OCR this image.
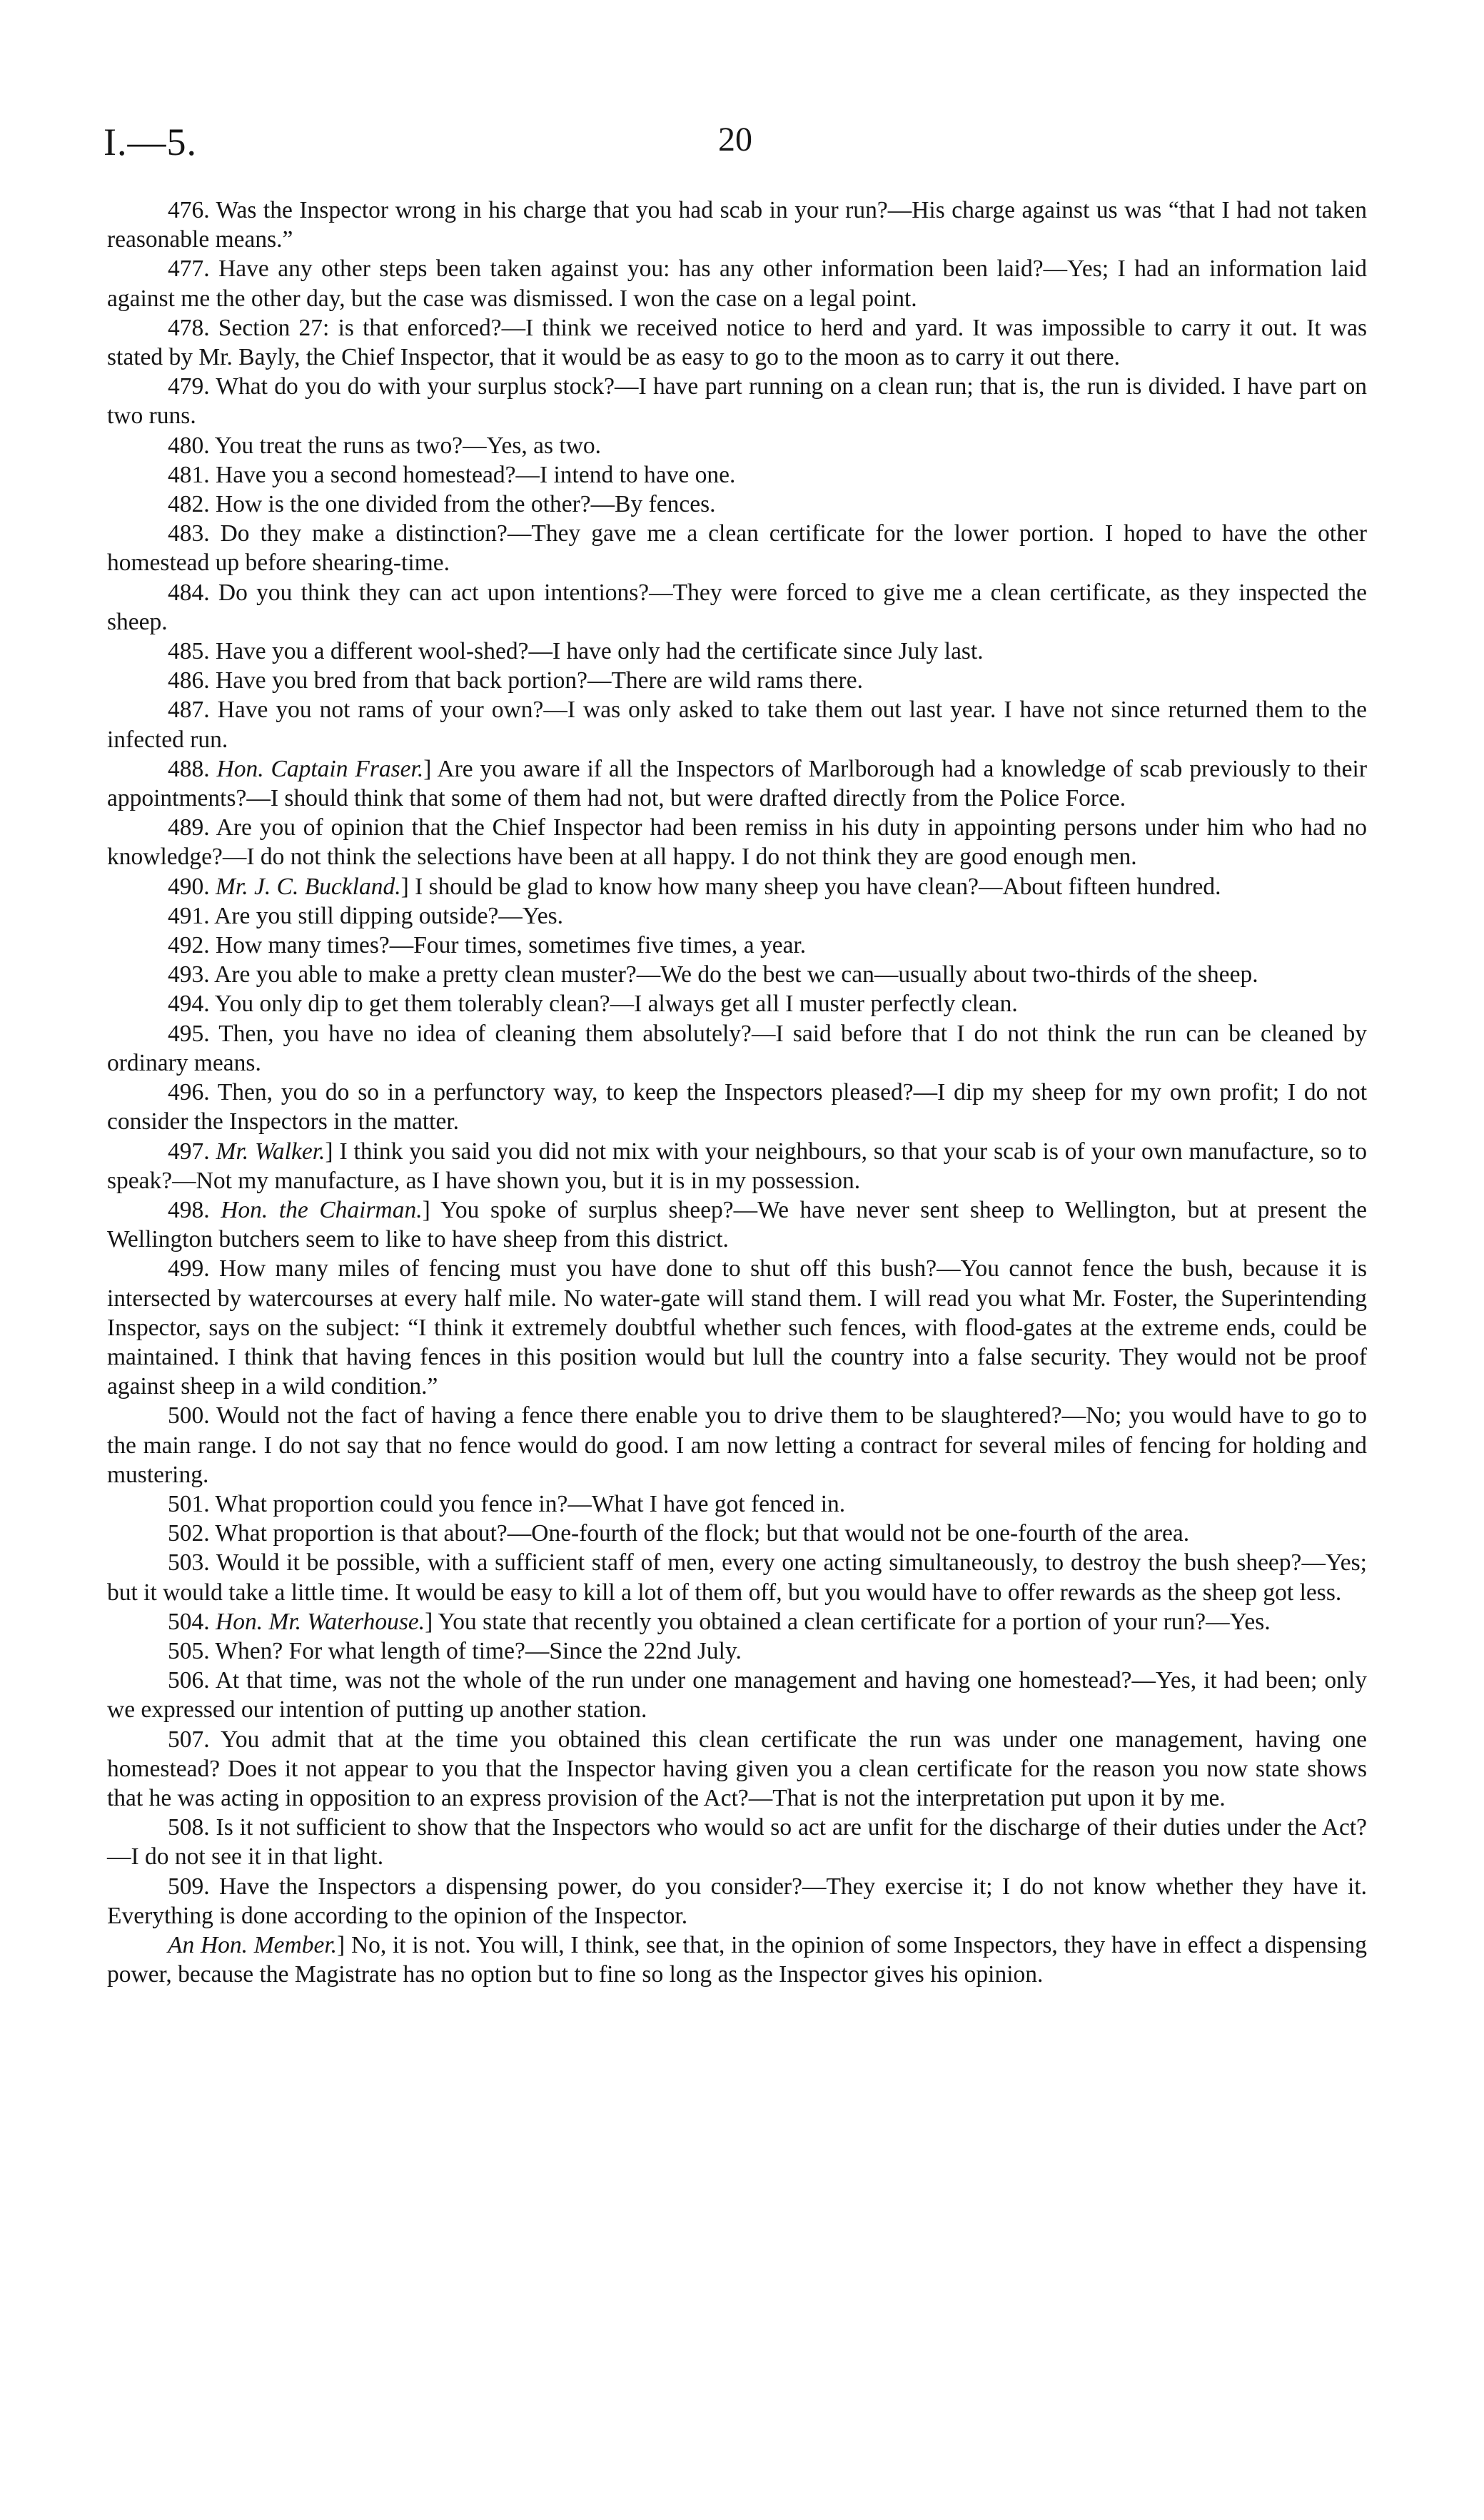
I.—5.	20

476. Was the Inspector wrong in his charge that you had scab in your run?—His charge against us was “that I had not taken reasonable means.”

477. Have any other steps been taken against you: has any other information been laid?—Yes; I had an information laid against me the other day, but the case was dismissed. I won the case on a legal point.

478. Section 27: is that enforced?—I think we received notice to herd and yard. It was impossible to carry it out. It was stated by Mr. Bayly, the Chief Inspector, that it would be as easy to go to the moon as to carry it out there.

479. What do you do with your surplus stock?—I have part running on a clean run; that is, the run is divided. I have part on two runs.

480. You treat the runs as two?—Yes, as two.

481. Have you a second homestead?—I intend to have one.

482. How is the one divided from the other?—By fences.

483. Do they make a distinction?—They gave me a clean certificate for the lower portion. I hoped to have the other homestead up before shearing-time.

484. Do you think they can act upon intentions?—They were forced to give me a clean certificate, as they inspected the sheep.

485. Have you a different wool-shed?—I have only had the certificate since July last.

486. Have you bred from that back portion?—There are wild rams there.

487. Have you not rams of your own?—I was only asked to take them out last year. I have not since returned them to the infected run.

488. Hon. Captain Fraser.] Are you aware if all the Inspectors of Marlborough had a knowledge of scab previously to their appointments?—I should think that some of them had not, but were drafted directly from the Police Force.

489. Are you of opinion that the Chief Inspector had been remiss in his duty in appointing persons under him who had no knowledge?—I do not think the selections have been at all happy. I do not think they are good enough men.

490. Mr. J. C. Buckland.] I should be glad to know how many sheep you have clean?—About fifteen hundred.

491. Are you still dipping outside?—Yes.

492. How many times?—Four times, sometimes five times, a year.

493. Are you able to make a pretty clean muster?—We do the best we can—usually about two-thirds of the sheep.

494. You only dip to get them tolerably clean?—I always get all I muster perfectly clean.

495. Then, you have no idea of cleaning them absolutely?—I said before that I do not think the run can be cleaned by ordinary means.

496. Then, you do so in a perfunctory way, to keep the Inspectors pleased?—I dip my sheep for my own profit; I do not consider the Inspectors in the matter.

497. Mr. Walker.] I think you said you did not mix with your neighbours, so that your scab is of your own manufacture, so to speak?—Not my manufacture, as I have shown you, but it is in my possession.

498. Hon. the Chairman.] You spoke of surplus sheep?—We have never sent sheep to Wellington, but at present the Wellington butchers seem to like to have sheep from this district.

499. How many miles of fencing must you have done to shut off this bush?—You cannot fence the bush, because it is intersected by watercourses at every half mile. No water-gate will stand them. I will read you what Mr. Foster, the Superintending Inspector, says on the subject: “I think it extremely doubtful whether such fences, with flood-gates at the extreme ends, could be maintained. I think that having fences in this position would but lull the country into a false security. They would not be proof against sheep in a wild condition.”

500. Would not the fact of having a fence there enable you to drive them to be slaughtered?—No; you would have to go to the main range. I do not say that no fence would do good. I am now letting a contract for several miles of fencing for holding and mustering.

501. What proportion could you fence in?—What I have got fenced in.

502. What proportion is that about?—One-fourth of the flock; but that would not be one-fourth of the area.

503. Would it be possible, with a sufficient staff of men, every one acting simultaneously, to destroy the bush sheep?—Yes; but it would take a little time. It would be easy to kill a lot of them off, but you would have to offer rewards as the sheep got less.

504. Hon. Mr. Waterhouse.] You state that recently you obtained a clean certificate for a portion of your run?—Yes.

505. When? For what length of time?—Since the 22nd July.

506. At that time, was not the whole of the run under one management and having one homestead?—Yes, it had been; only we expressed our intention of putting up another station.

507. You admit that at the time you obtained this clean certificate the run was under one management, having one homestead? Does it not appear to you that the Inspector having given you a clean certificate for the reason you now state shows that he was acting in opposition to an express provision of the Act?—That is not the interpretation put upon it by me.

508. Is it not sufficient to show that the Inspectors who would so act are unfit for the discharge of their duties under the Act?—I do not see it in that light.

509. Have the Inspectors a dispensing power, do you consider?—They exercise it; I do not know whether they have it. Everything is done according to the opinion of the Inspector.

An Hon. Member.] No, it is not. You will, I think, see that, in the opinion of some Inspectors, they have in effect a dispensing power, because the Magistrate has no option but to fine so long as the Inspector gives his opinion.
